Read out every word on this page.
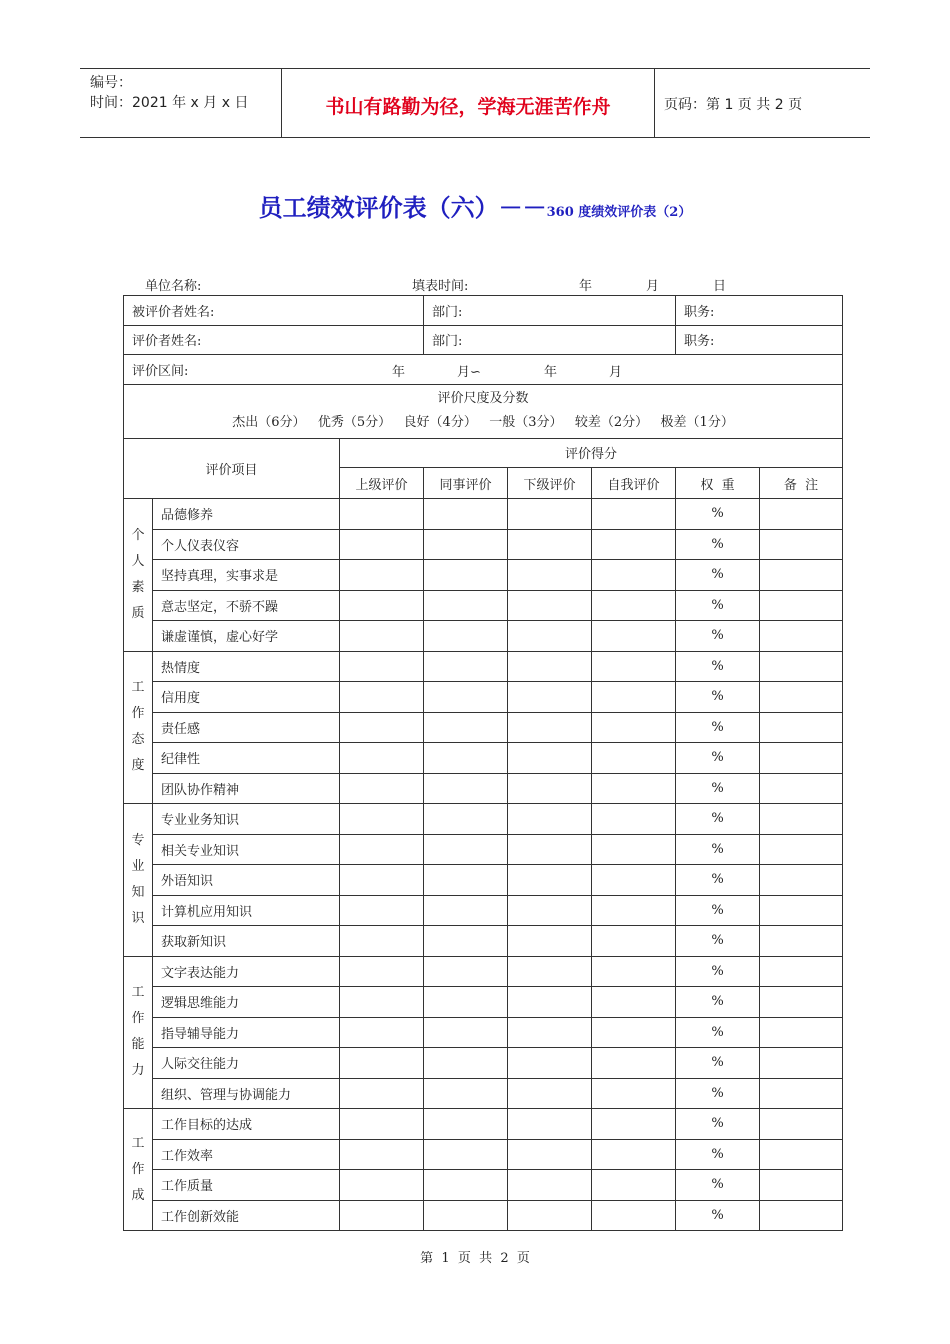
编号：
时间：2021 年 x 月 x 日	书山有路勤为径，学海无涯苦作舟	页码：第 1 页 共 2 页
员工绩效评价表（六）－－360 度绩效评价表（2）
单位名称:	填表时间:	年	月	日
被评价者姓名:			部门:			职务:	
评价者姓名:			部门:			职务:	
评价区间: 年 月∽ 年 月							

评价尺度及分数
杰出（6分）   优秀（5分）   良好（4分）   一般（3分）   较差（2分）   极差（1分）							

评价项目		评价得分					
		上级评价	同事评价	下级评价	自我评价	权  重	备  注
个
人
素
质	品德修养					%	
	个人仪表仪容					%	
	坚持真理，实事求是					%	
	意志坚定，不骄不躁					%	
	谦虚谨慎，虚心好学					%	
工
作
态
度	热情度					%	
	信用度					%	
	责任感					%	
	纪律性					%	
	团队协作精神					%	
专
业
知
识	专业业务知识					%	
	相关专业知识					%	
	外语知识					%	
	计算机应用知识					%	
	获取新知识					%	
工
作
能
力	文字表达能力					%	
	逻辑思维能力					%	
	指导辅导能力					%	
	人际交往能力					%	
	组织、管理与协调能力					%	
工
作
成	工作目标的达成					%	
	工作效率					%	
	工作质量					%	
	工作创新效能					%	
第  1  页  共  2  页
